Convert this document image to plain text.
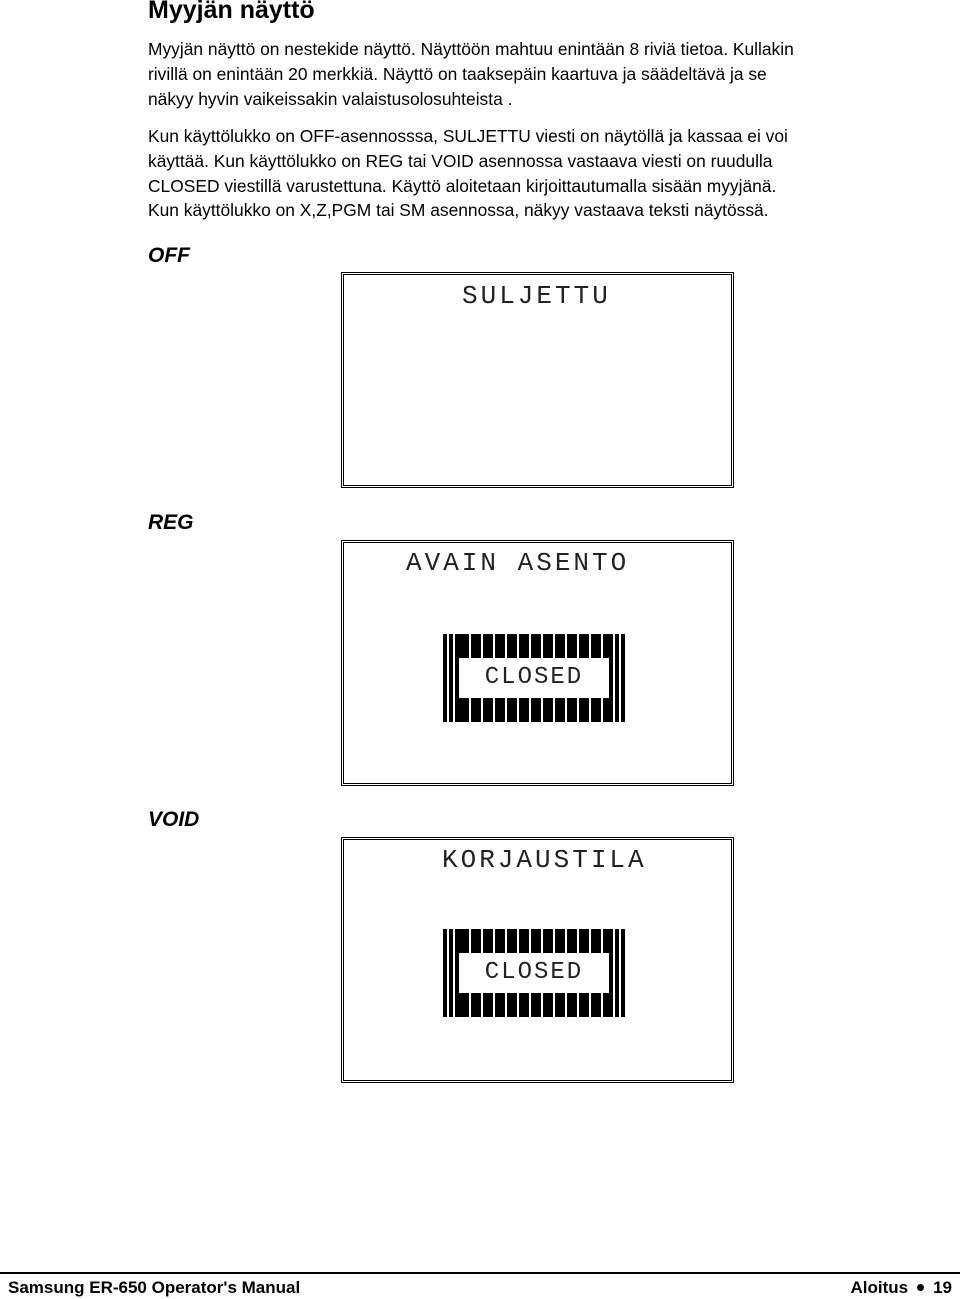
Myyjän näyttö

Myyjän näyttö on nestekide näyttö. Näyttöön mahtuu enintään 8 riviä tietoa. Kullakin
rivillä on enintään 20 merkkiä. Näyttö on taaksepäin kaartuva ja säädeltävä ja se
näkyy hyvin vaikeissakin valaistusolosuhteista .

Kun käyttölukko on OFF-asennosssa, SULJETTU viesti on näytöllä ja kassaa ei voi
käyttää. Kun käyttölukko on REG tai VOID asennossa vastaava viesti on ruudulla
CLOSED viestillä varustettuna. Käyttö aloitetaan kirjoittautumalla sisään myyjänä.
Kun käyttölukko on X,Z,PGM tai SM asennossa, näkyy vastaava teksti näytössä.

OFF
SULJETTU
REG
AVAIN ASENTO
CLOSED
VOID
KORJAUSTILA
CLOSED
Samsung ER-650 Operator's Manual	Aloitus 19
